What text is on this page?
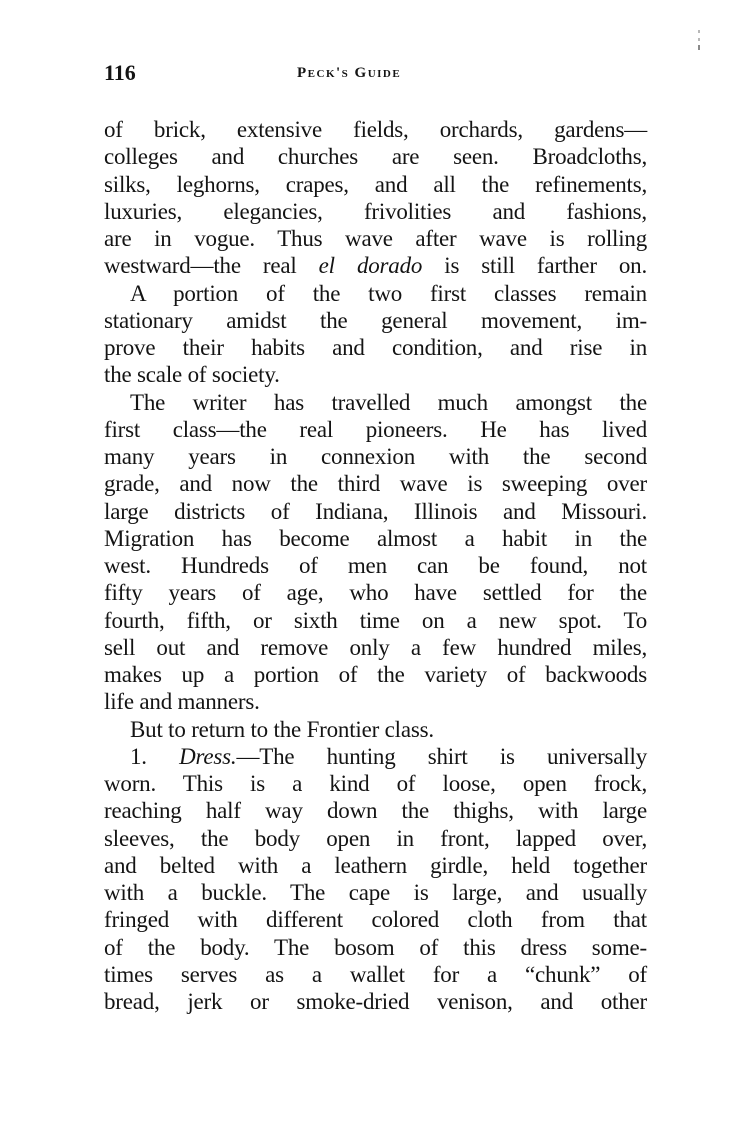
116	Peck's Guide
of brick, extensive fields, orchards, gardens—
colleges and churches are seen. Broadcloths,
silks, leghorns, crapes, and all the refinements,
luxuries, elegancies, frivolities and fashions,
are in vogue. Thus wave after wave is rolling
westward—the real el dorado is still farther on.
A portion of the two first classes remain
stationary amidst the general movement, im-
prove their habits and condition, and rise in
the scale of society.
The writer has travelled much amongst the
first class—the real pioneers. He has lived
many years in connexion with the second
grade, and now the third wave is sweeping over
large districts of Indiana, Illinois and Missouri.
Migration has become almost a habit in the
west. Hundreds of men can be found, not
fifty years of age, who have settled for the
fourth, fifth, or sixth time on a new spot. To
sell out and remove only a few hundred miles,
makes up a portion of the variety of backwoods
life and manners.
But to return to the Frontier class.
1. Dress.—The hunting shirt is universally
worn. This is a kind of loose, open frock,
reaching half way down the thighs, with large
sleeves, the body open in front, lapped over,
and belted with a leathern girdle, held together
with a buckle. The cape is large, and usually
fringed with different colored cloth from that
of the body. The bosom of this dress some-
times serves as a wallet for a “chunk” of
bread, jerk or smoke-dried venison, and other
